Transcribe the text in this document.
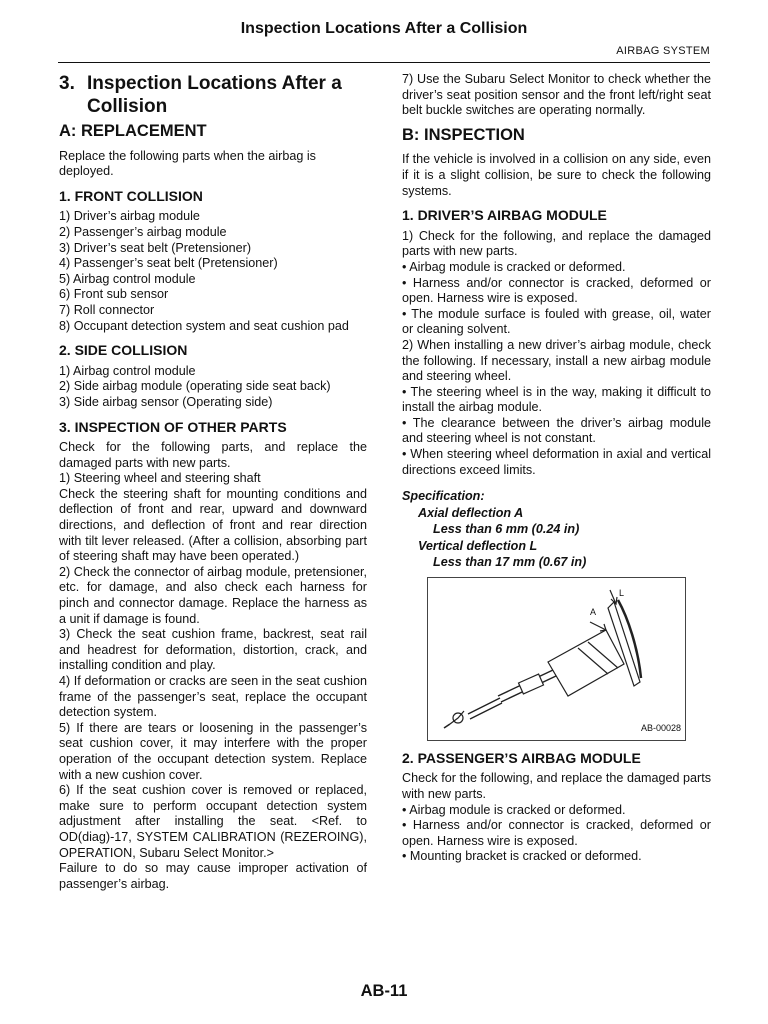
Inspection Locations After a Collision
AIRBAG SYSTEM
3. Inspection Locations After a Collision
A: REPLACEMENT

Replace the following parts when the airbag is deployed.

1. FRONT COLLISION
1) Driver’s airbag module
2) Passenger’s airbag module
3) Driver’s seat belt (Pretensioner)
4) Passenger’s seat belt (Pretensioner)
5) Airbag control module
6) Front sub sensor
7) Roll connector
8) Occupant detection system and seat cushion pad
2. SIDE COLLISION
1) Airbag control module
2) Side airbag module (operating side seat back)
3) Side airbag sensor (Operating side)
3. INSPECTION OF OTHER PARTS

Check for the following parts, and replace the damaged parts with new parts.

1) Steering wheel and steering shaft

Check the steering shaft for mounting conditions and deflection of front and rear, upward and downward directions, and deflection of front and rear direction with tilt lever released. (After a collision, absorbing part of steering shaft may have been operated.)

2) Check the connector of airbag module, pretensioner, etc. for damage, and also check each harness for pinch and connector damage. Replace the harness as a unit if damage is found.

3) Check the seat cushion frame, backrest, seat rail and headrest for deformation, distortion, crack, and installing condition and play.

4) If deformation or cracks are seen in the seat cushion frame of the passenger’s seat, replace the occupant detection system.

5) If there are tears or loosening in the passenger’s seat cushion cover, it may interfere with the proper operation of the occupant detection system. Replace with a new cushion cover.

6) If the seat cushion cover is removed or replaced, make sure to perform occupant detection system adjustment after installing the seat. <Ref. to OD(diag)-17, SYSTEM CALIBRATION (REZEROING), OPERATION, Subaru Select Monitor.>

Failure to do so may cause improper activation of passenger’s airbag.

7) Use the Subaru Select Monitor to check whether the driver’s seat position sensor and the front left/right seat belt buckle switches are operating normally.

B: INSPECTION

If the vehicle is involved in a collision on any side, even if it is a slight collision, be sure to check the following systems.

1. DRIVER’S AIRBAG MODULE

1) Check for the following, and replace the damaged parts with new parts.

• Airbag module is cracked or deformed.

• Harness and/or connector is cracked, deformed or open. Harness wire is exposed.

• The module surface is fouled with grease, oil, water or cleaning solvent.

2) When installing a new driver’s airbag module, check the following. If necessary, install a new airbag module and steering wheel.

• The steering wheel is in the way, making it difficult to install the airbag module.

• The clearance between the driver’s airbag module and steering wheel is not constant.

• When steering wheel deformation in axial and vertical directions exceed limits.

Specification:
Axial deflection A
Less than 6 mm (0.24 in)
Vertical deflection L
Less than 17 mm (0.67 in)
A
L
AB-00028
2. PASSENGER’S AIRBAG MODULE

Check for the following, and replace the damaged parts with new parts.

• Airbag module is cracked or deformed.

• Harness and/or connector is cracked, deformed or open. Harness wire is exposed.

• Mounting bracket is cracked or deformed.

AB-11
